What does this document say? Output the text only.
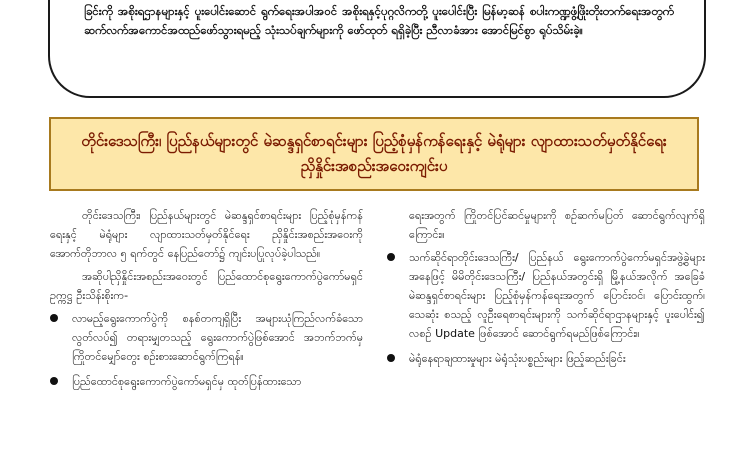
ခြင်းကို အစိုးရဌာနများနှင့် ပူးပေါင်းဆောင် ရွက်ရေးအပါအဝင် အစိုးရနှင့်ပုဂ္ဂလိကတို့ ပူးပေါင်းပြီး မြန်မာ့ဆန် စပါးကဏ္ဍဖွံ့ဖြိုးတိုးတက်ရေးအတွက် ဆက်လက်အကောင်အထည်ဖော်သွားရမည့် သုံးသပ်ချက်များကို ဖော်ထုတ် ရရှိခဲ့ပြီး ညီလာခံအား အောင်မြင်စွာ ရုပ်သိမ်းခဲ့။

တိုင်းဒေသကြီး၊ ပြည်နယ်များတွင် မဲဆန္ဒရှင်စာရင်းများ ပြည့်စုံမှန်ကန်ရေးနှင့် မဲရုံများ လျာထားသတ်မှတ်နိုင်ရေး ညှိနှိုင်းအစည်းအဝေးကျင်းပ

တိုင်းဒေသကြီး၊ ပြည်နယ်များတွင် မဲဆန္ဒရှင်စာရင်းများ ပြည့်စုံမှန်ကန်ရေးနှင့် မဲရုံများ လျာထားသတ်မှတ်နိုင်ရေး ညှိနှိုင်းအစည်းအဝေးကို အောက်တိုဘာလ ၅ ရက်တွင် နေပြည်တော်၌ ကျင်းပပြုလုပ်ခဲ့ပါသည်။

အဆိုပါညှိနှိုင်းအစည်းအဝေးတွင် ပြည်ထောင်စုရွေးကောက်ပွဲကော်မရှင်ဥက္ကဋ္ဌ ဦးသိန်းစိုးက-

လာမည့်ရွေးကောက်ပွဲကို စနစ်တကျရှိပြီး အများယုံကြည်လက်ခံသော လွတ်လပ်၍ တရားမျှတသည့် ရွေးကောက်ပွဲဖြစ်အောင် အဘက်ဘက်မှ ကြိုတင်မျှော်တွေး စဉ်းစားဆောင်ရွက်ကြရန်။
ပြည်ထောင်စုရွေးကောက်ပွဲကော်မရှင်မှ ထုတ်ပြန်ထားသော

ရေးအတွက် ကြိုတင်ပြင်ဆင်မှုများကို စဉ်ဆက်မပြတ် ဆောင်ရွက်လျက်ရှိကြောင်း။

သက်ဆိုင်ရာတိုင်းဒေသကြီး/ ပြည်နယ် ရွေးကောက်ပွဲကော်မရှင်အဖွဲ့ခွဲများအနေဖြင့် မိမိတိုင်းဒေသကြီး/ ပြည်နယ်အတွင်းရှိ မြို့နယ်အလိုက် အခြေခံမဲဆန္ဒရှင်စာရင်းများ ပြည့်စုံမှန်ကန်ရေးအတွက် ပြောင်းဝင်၊ ပြောင်းထွက်၊ သေဆုံး စသည့် လူဦးရေစာရင်းများကို သက်ဆိုင်ရာဌာနများနှင့် ပူးပေါင်း၍ လစဉ် Update ဖြစ်အောင် ဆောင်ရွက်ရမည်ဖြစ်ကြောင်း။
မဲရုံနေရာချထားမှုများ မဲရုံသုံးပစ္စည်းများ ဖြည့်ဆည်းခြင်း
